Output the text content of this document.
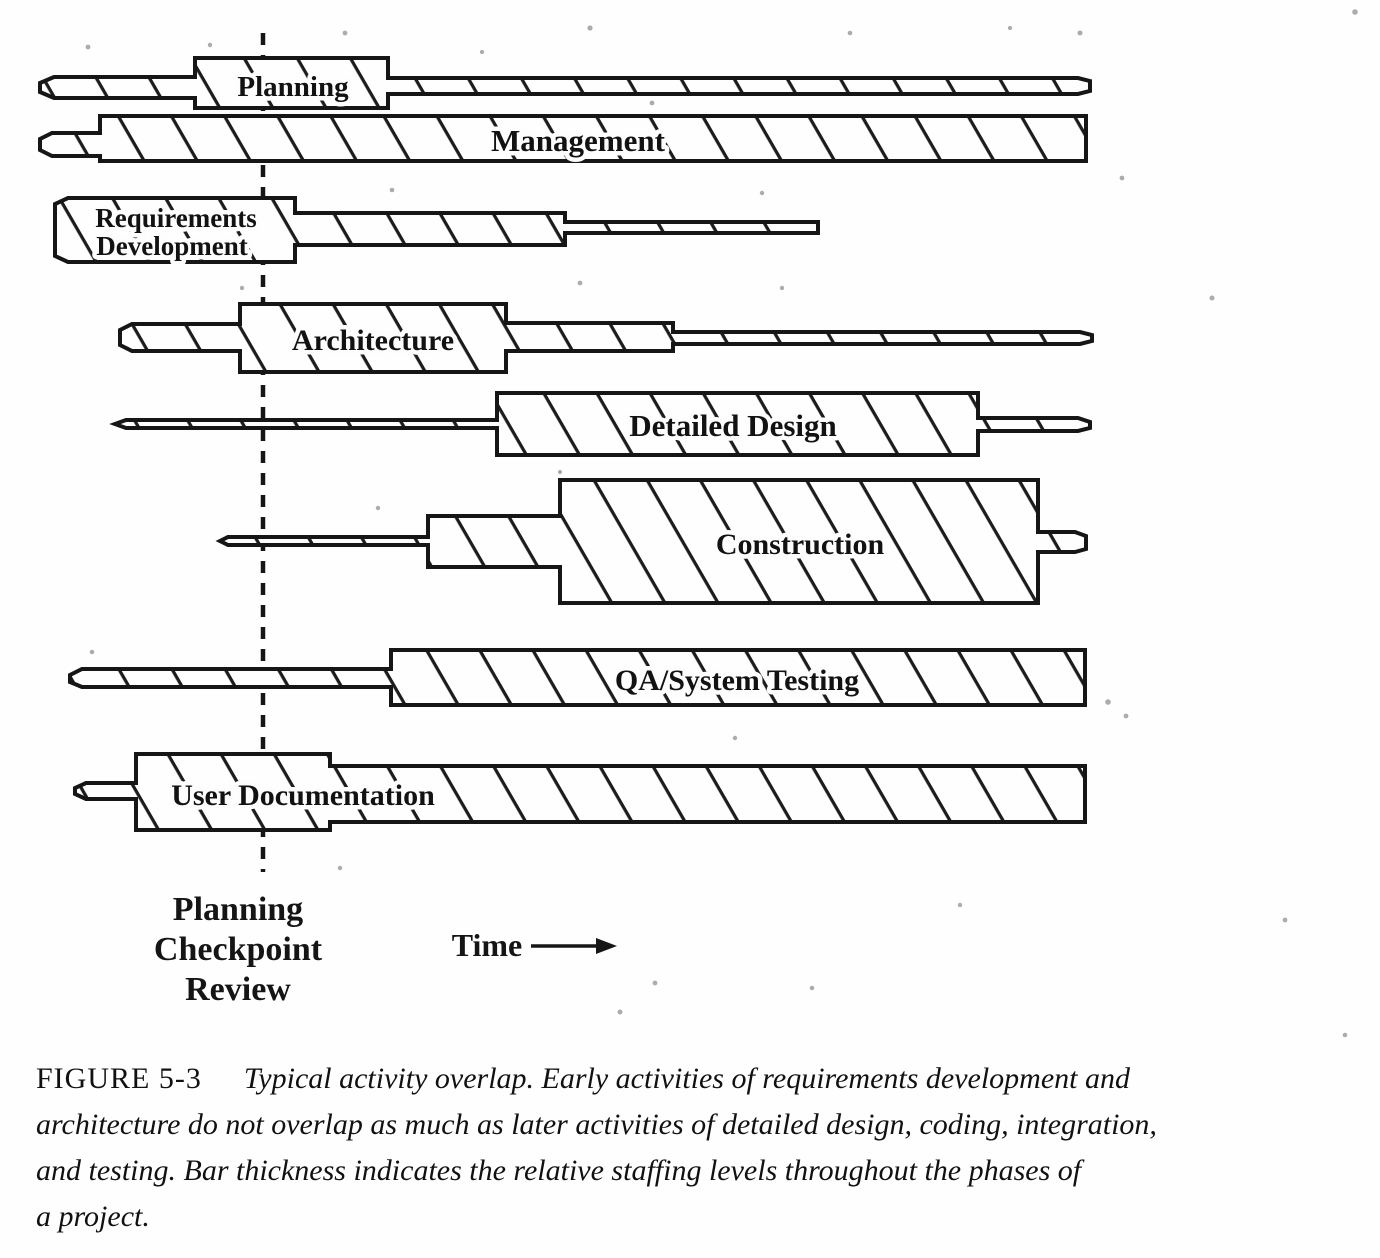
Planning
Management
Requirements
Development
Architecture
Detailed Design
Construction
QA/System Testing
User Documentation
Planning
Checkpoint
Review
Time
FIGURE 5-3 Typical activity overlap. Early activities of requirements development and
architecture do not overlap as much as later activities of detailed design, coding, integration,
and testing. Bar thickness indicates the relative staffing levels throughout the phases of
a project.
